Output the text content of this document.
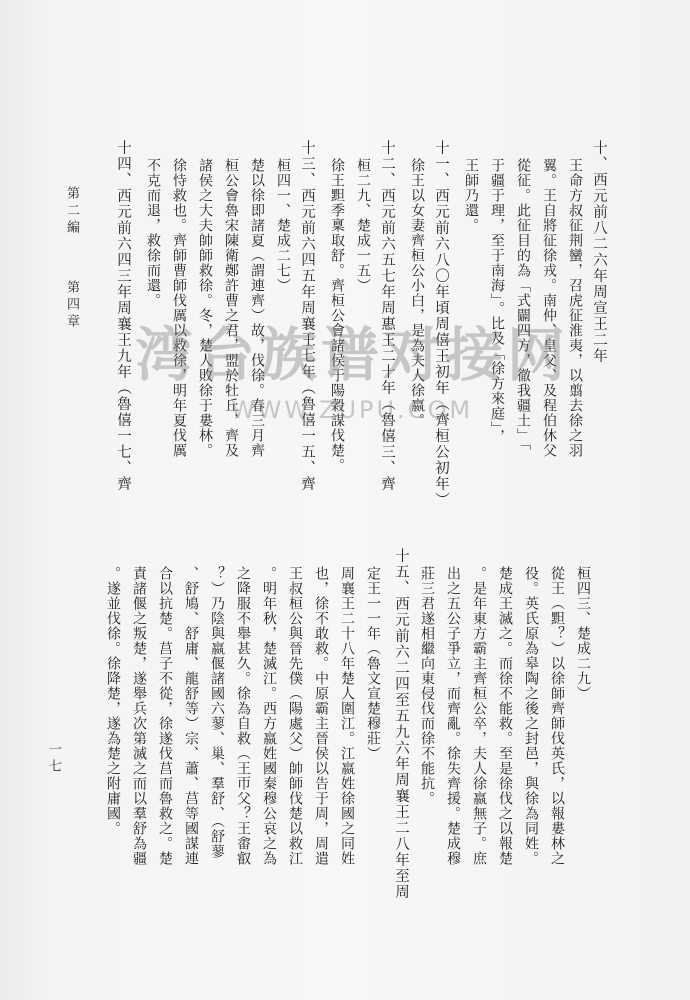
十、西元前八二六年周宣王二年
王命方叔征荆蠻，召虎征淮夷，以翦去徐之羽
翼。王自將征徐戎。南仲、皇父、及程伯休父
從征。此征目的為「式闢四方，徹我疆土」「
于疆于理，至于南海」。比及「徐方來庭」，
王師乃還。
十一、西元前六八〇年頃周僖王初年（齊桓公初年）
徐王以女妻齊桓公小白，是為夫人徐嬴。
十二、西元前六五七年周惠王二十年（魯僖三、齊
桓二九、楚成一五）
徐王䵣季稟取舒。齊桓公會諸侯于陽穀謀伐楚。
十三、西元前六四五年周襄王七年（魯僖一五、齊
桓四一、楚成二七）
楚以徐即諸夏（謂連齊）故，伐徐。春三月齊
桓公會魯宋陳衛鄭許曹之君，盟於牡丘，齊及
諸侯之大夫帥師救徐。冬，楚人敗徐于婁林。
徐恃救也。齊師曹師伐厲以救徐，明年夏伐厲
不克而退，救徐而還。
十四、西元前六四三年周襄王九年（魯僖一七、齊
第二編
第四章
桓四三、楚成二九）
從王（䵣？）以徐師齊師伐英氏，以報婁林之
役。英氏原為皋陶之後之封邑，與徐為同姓。
楚成王滅之。而徐不能救。至是徐伐之以報楚
。是年東方霸主齊桓公卒，夫人徐嬴無子。庶
出之五公子爭立，而齊亂。徐失齊援。楚成穆
莊三君遂相繼向東侵伐而徐不能抗。
十五、西元前六二四至五九六年周襄王二八年至周
定王一一年（魯文宣楚穆莊）
周襄王二十八年楚人圍江。江嬴姓徐國之同姓
也，徐不敢救。中原霸主晉侯以告于周，周遣
王叔桓公與晉先僕（陽處父）帥師伐楚以救江
。明年秋，楚滅江。西方嬴姓國秦穆公哀之為
之降服不舉甚久。徐為自救（王帀父？王畬叡
？）乃陰與嬴偃諸國六蓼、巢、羣舒、（舒蓼
、舒鳩、舒庸、龍舒等）宗、蕭、莒等國謀連
合以抗楚。莒子不從，徐遂伐莒而魯救之。楚
責諸偃之叛楚，遂舉兵次第滅之而以羣舒為疆
。遂並伐徐。徐降楚，遂為楚之附庸國。
一七
湾台族谱对接网
WWW.ZUPU.COM
